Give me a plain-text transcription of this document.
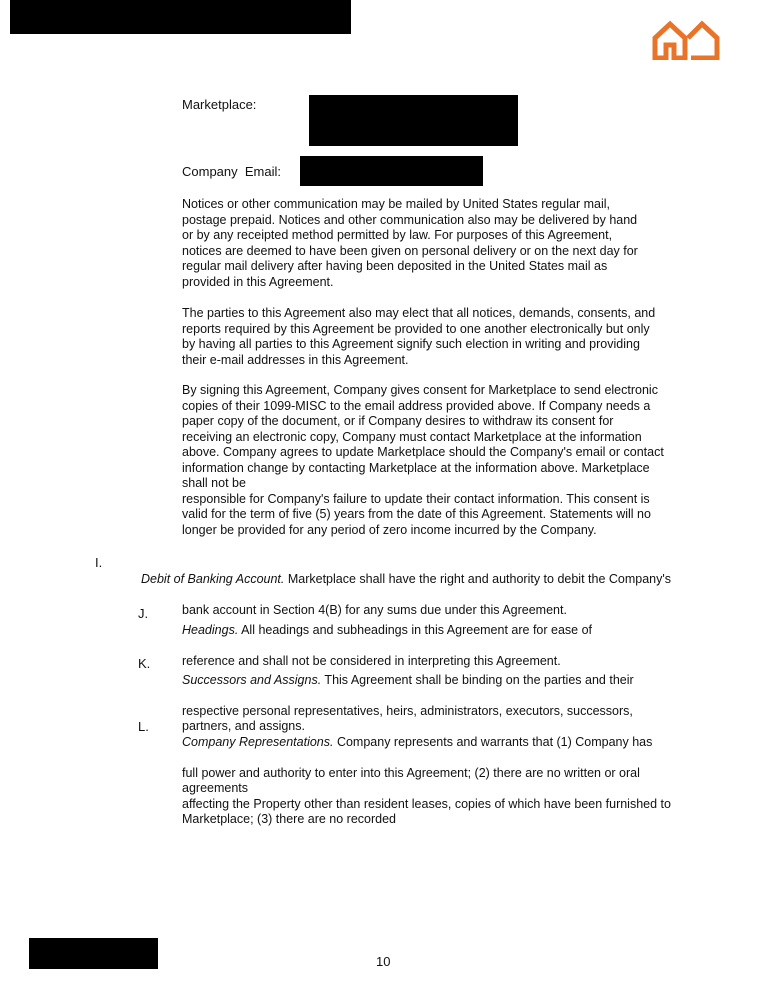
Marketplace:
Company  Email:
Notices or other communication may be mailed by United States regular mail,
postage prepaid. Notices and other communication also may be delivered by hand
or by any receipted method permitted by law. For purposes of this Agreement,
notices are deemed to have been given on personal delivery or on the next day for
regular mail delivery after having been deposited in the United States mail as
provided in this Agreement.
The parties to this Agreement also may elect that all notices, demands, consents, and
reports required by this Agreement be provided to one another electronically but only
by having all parties to this Agreement signify such election in writing and providing
their e-mail addresses in this Agreement.
By signing this Agreement, Company gives consent for Marketplace to send electronic
copies of their 1099-MISC to the email address provided above. If Company needs a
paper copy of the document, or if Company desires to withdraw its consent for
receiving an electronic copy, Company must contact Marketplace at the information
above. Company agrees to update Marketplace should the Company's email or contact
information change by contacting Marketplace at the information above. Marketplace
shall not be
responsible for Company's failure to update their contact information. This consent is
valid for the term of five (5) years from the date of this Agreement. Statements will no
longer be provided for any period of zero income incurred by the Company.
I.

Debit of Banking Account. Marketplace shall have the right and authority to debit the Company's

bank account in Section 4(B) for any sums due under this Agreement.

J.

Headings. All headings and subheadings in this Agreement are for ease of

reference and shall not be considered in interpreting this Agreement.

K.

Successors and Assigns. This Agreement shall be binding on the parties and their

respective personal representatives, heirs, administrators, executors, successors,
partners, and assigns.

L.

Company Representations. Company represents and warrants that (1) Company has

full power and authority to enter into this Agreement; (2) there are no written or oral
agreements
affecting the Property other than resident leases, copies of which have been furnished to
Marketplace; (3) there are no recorded

10
